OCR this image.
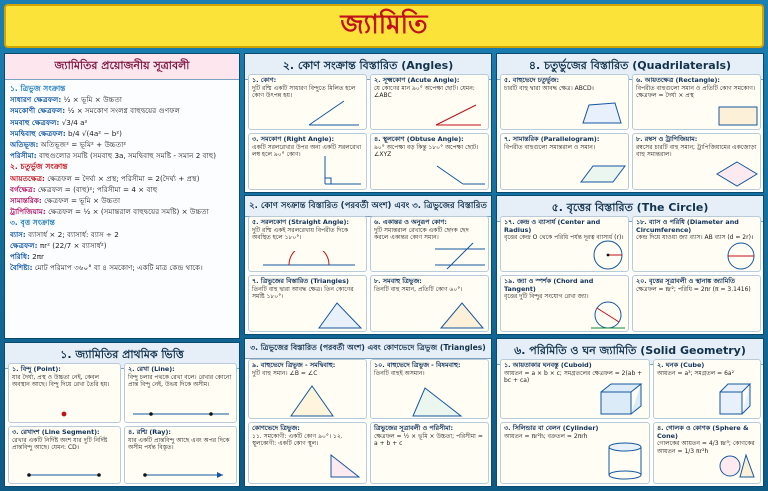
জ্যামিতি
জ্যামিতির প্রয়োজনীয় সূত্রাবলী
১. ত্রিভুজ সংক্রান্ত
সাধারণ ক্ষেত্রফল: ½ × ভূমি × উচ্চতা
সমকোণী ক্ষেত্রফল: ½ × সমকোণ সংলগ্ন বাহুদ্বয়ের গুণফল
সমবাহু ক্ষেত্রফল: √3/4 a²
সমদ্বিবাহু ক্ষেত্রফল: b/4 √(4a² − b²)
অতিভূজ: অতিভূজ² = ভূমি² + উচ্চতা²
পরিসীমা: বাহুগুলোর সমষ্টি (সমবাহু 3a, সমদ্বিবাহু সমষ্টি - সমান 2 বাহু)
২. চতুর্ভুজ সংক্রান্ত
আয়তক্ষেত্র: ক্ষেত্রফল = দৈর্ঘ্য × প্রস্থ; পরিসীমা = 2(দৈর্ঘ্য + প্রস্থ)
বর্গক্ষেত্র: ক্ষেত্রফল = (বাহু)²; পরিসীমা = 4 × বাহু
সামান্তরিক: ক্ষেত্রফল = ভূমি × উচ্চতা
ট্রাপিজিয়াম: ক্ষেত্রফল = ½ × (সমান্তরাল বাহুদ্বয়ের সমষ্টি) × উচ্চতা
৩. বৃত্ত সংক্রান্ত
ব্যাস: ব্যাসার্ধ × 2; ব্যাসার্ধ: ব্যাস ÷ 2
ক্ষেত্রফল: πr² (22/7 × ব্যাসার্ধ²)
পরিধি: 2πr
বৈশিষ্ট্য: মোট পরিমাপ ৩৬০° বা ৪ সমকোণ; একটি মাত্র কেন্দ্র থাকে।
১. জ্যামিতির প্রাথমিক ভিত্তি
১. বিন্দু (Point):
যার দৈর্ঘ্য, প্রস্থ ও উচ্চতা নেই, কেবল অবস্থান আছে। বিন্দু দিয়ে রেখা তৈরি হয়।
২. রেখা (Line):
বিন্দু চলার পথকে রেখা বলে। রেখার কোনো প্রান্ত বিন্দু নেই, উভয় দিকে অসীম।
৩. রেখাংশ (Line Segment):
রেখার একটি নির্দিষ্ট অংশ যার দুটি নির্দিষ্ট প্রান্তবিন্দু আছে। যেমন: CD।
৪. রশ্মি (Ray):
যার একটি প্রান্তবিন্দু আছে এবং অপর দিকে অসীম পর্যন্ত বিস্তৃত।
২. কোণ সংক্রান্ত বিস্তারিত (Angles)
১. কোণ:
দুটি রশ্মি একটি সাধারণ বিন্দুতে মিলিত হলে কোণ উৎপন্ন হয়।
২. সূক্ষ্মকোণ (Acute Angle):
যে কোণের মান ৯০° অপেক্ষা ছোট। যেমন: ∠ABC
৩. সমকোণ (Right Angle):
একটি সরলরেখার উপর অন্য একটি সরলরেখা লম্ব হলে ৯০° কোণ।
৪. স্থূলকোণ (Obtuse Angle):
৯০° অপেক্ষা বড় কিন্তু ১৮০° অপেক্ষা ছোট। ∠XYZ
২. কোণ সংক্রান্ত বিস্তারিত (পরবর্তী অংশ) এবং ৩. ত্রিভুজের বিস্তারিত
৫. সরলকোণ (Straight Angle):
দুটি রশ্মি একই সরলরেখায় বিপরীত দিকে অবস্থিত হলে ১৮০°।
৬. একান্তর ও অনুরূপ কোণ:
দুটি সমান্তরাল রেখাকে একটি ছেদক ছেদ করলে একান্তর কোণ সমান।
৭. ত্রিভুজের বিস্তারিত (Triangles)
তিনটি বাহু দ্বারা আবদ্ধ ক্ষেত্র। তিন কোণের সমষ্টি ১৮০°।
৮. সমবাহু ত্রিভুজ:
তিনটি বাহু সমান, প্রতিটি কোণ ৬০°।
৩. ত্রিভুজের বিস্তারিত (পরবর্তী অংশ) এবং কোণভেদে ত্রিভুজ (Triangles)
৯. বাহুভেদে ত্রিভুজ - সমদ্বিবাহু:
দুটি বাহু সমান। ∠B = ∠C
১০. বাহুভেদে ত্রিভুজ - বিষমবাহু:
তিনটি বাহুই অসমান।
কোণভেদে ত্রিভুজ:
১১. সমকোণী: একটি কোণ ৯০°। ১২. স্থূলকোণী: একটি কোণ স্থূল।
ত্রিভুজের সূত্রাবলী ও পরিসীমা:
ক্ষেত্রফল = ½ × ভূমি × উচ্চতা; পরিসীমা = a + b + c
৪. চতুর্ভুজের বিস্তারিত (Quadrilaterals)
৫. বাহুভেদে চতুর্ভুজ:
চারটি বাহু দ্বারা আবদ্ধ ক্ষেত্র। ABCD।
৬. আয়তক্ষেত্র (Rectangle):
বিপরীত বাহুগুলো সমান ও প্রতিটি কোণ সমকোণ। ক্ষেত্রফল = দৈর্ঘ্য × প্রস্থ
৭. সামান্তরিক (Parallelogram):
বিপরীত বাহুগুলো সমান্তরাল ও সমান।
৮. রম্বস ও ট্রাপিজিয়াম:
রম্বসের চারটি বাহু সমান; ট্রাপিজিয়ামের একজোড়া বাহু সমান্তরাল।
৫. বৃত্তের বিস্তারিত (The Circle)
১৭. কেন্দ্র ও ব্যাসার্ধ (Center and Radius)
বৃত্তের কেন্দ্র O থেকে পরিধি পর্যন্ত দূরত্ব ব্যাসার্ধ (r)।
১৮. ব্যাস ও পরিধি (Diameter and Circumference)
কেন্দ্র দিয়ে যাওয়া জ্যা ব্যাস। AB ব্যাস (d = 2r)।
১৯. জ্যা ও স্পর্শক (Chord and Tangent)
বৃত্তের দুটি বিন্দুর সংযোগ রেখা জ্যা।
২০. বৃত্তের সূত্রাবলী ও স্থানাঙ্ক জ্যামিতি
ক্ষেত্রফল = πr²; পরিধি = 2πr (π = 3.1416)
৬. পরিমিতি ও ঘন জ্যামিতি (Solid Geometry)
১. আয়তাকার ঘনবস্তু (Cuboid)
আয়তন = a × b × c; সমগ্রতলের ক্ষেত্রফল = 2(ab + bc + ca)
২. ঘনক (Cube)
আয়তন = a³; সমগ্রতল = 6a²
৩. সিলিন্ডার বা বেলন (Cylinder)
আয়তন = πr²h; বক্রতল = 2πrh
৪. গোলক ও কোণক (Sphere & Cone)
গোলকের আয়তন = 4/3 πr³; কোণকের আয়তন = 1/3 πr²h
